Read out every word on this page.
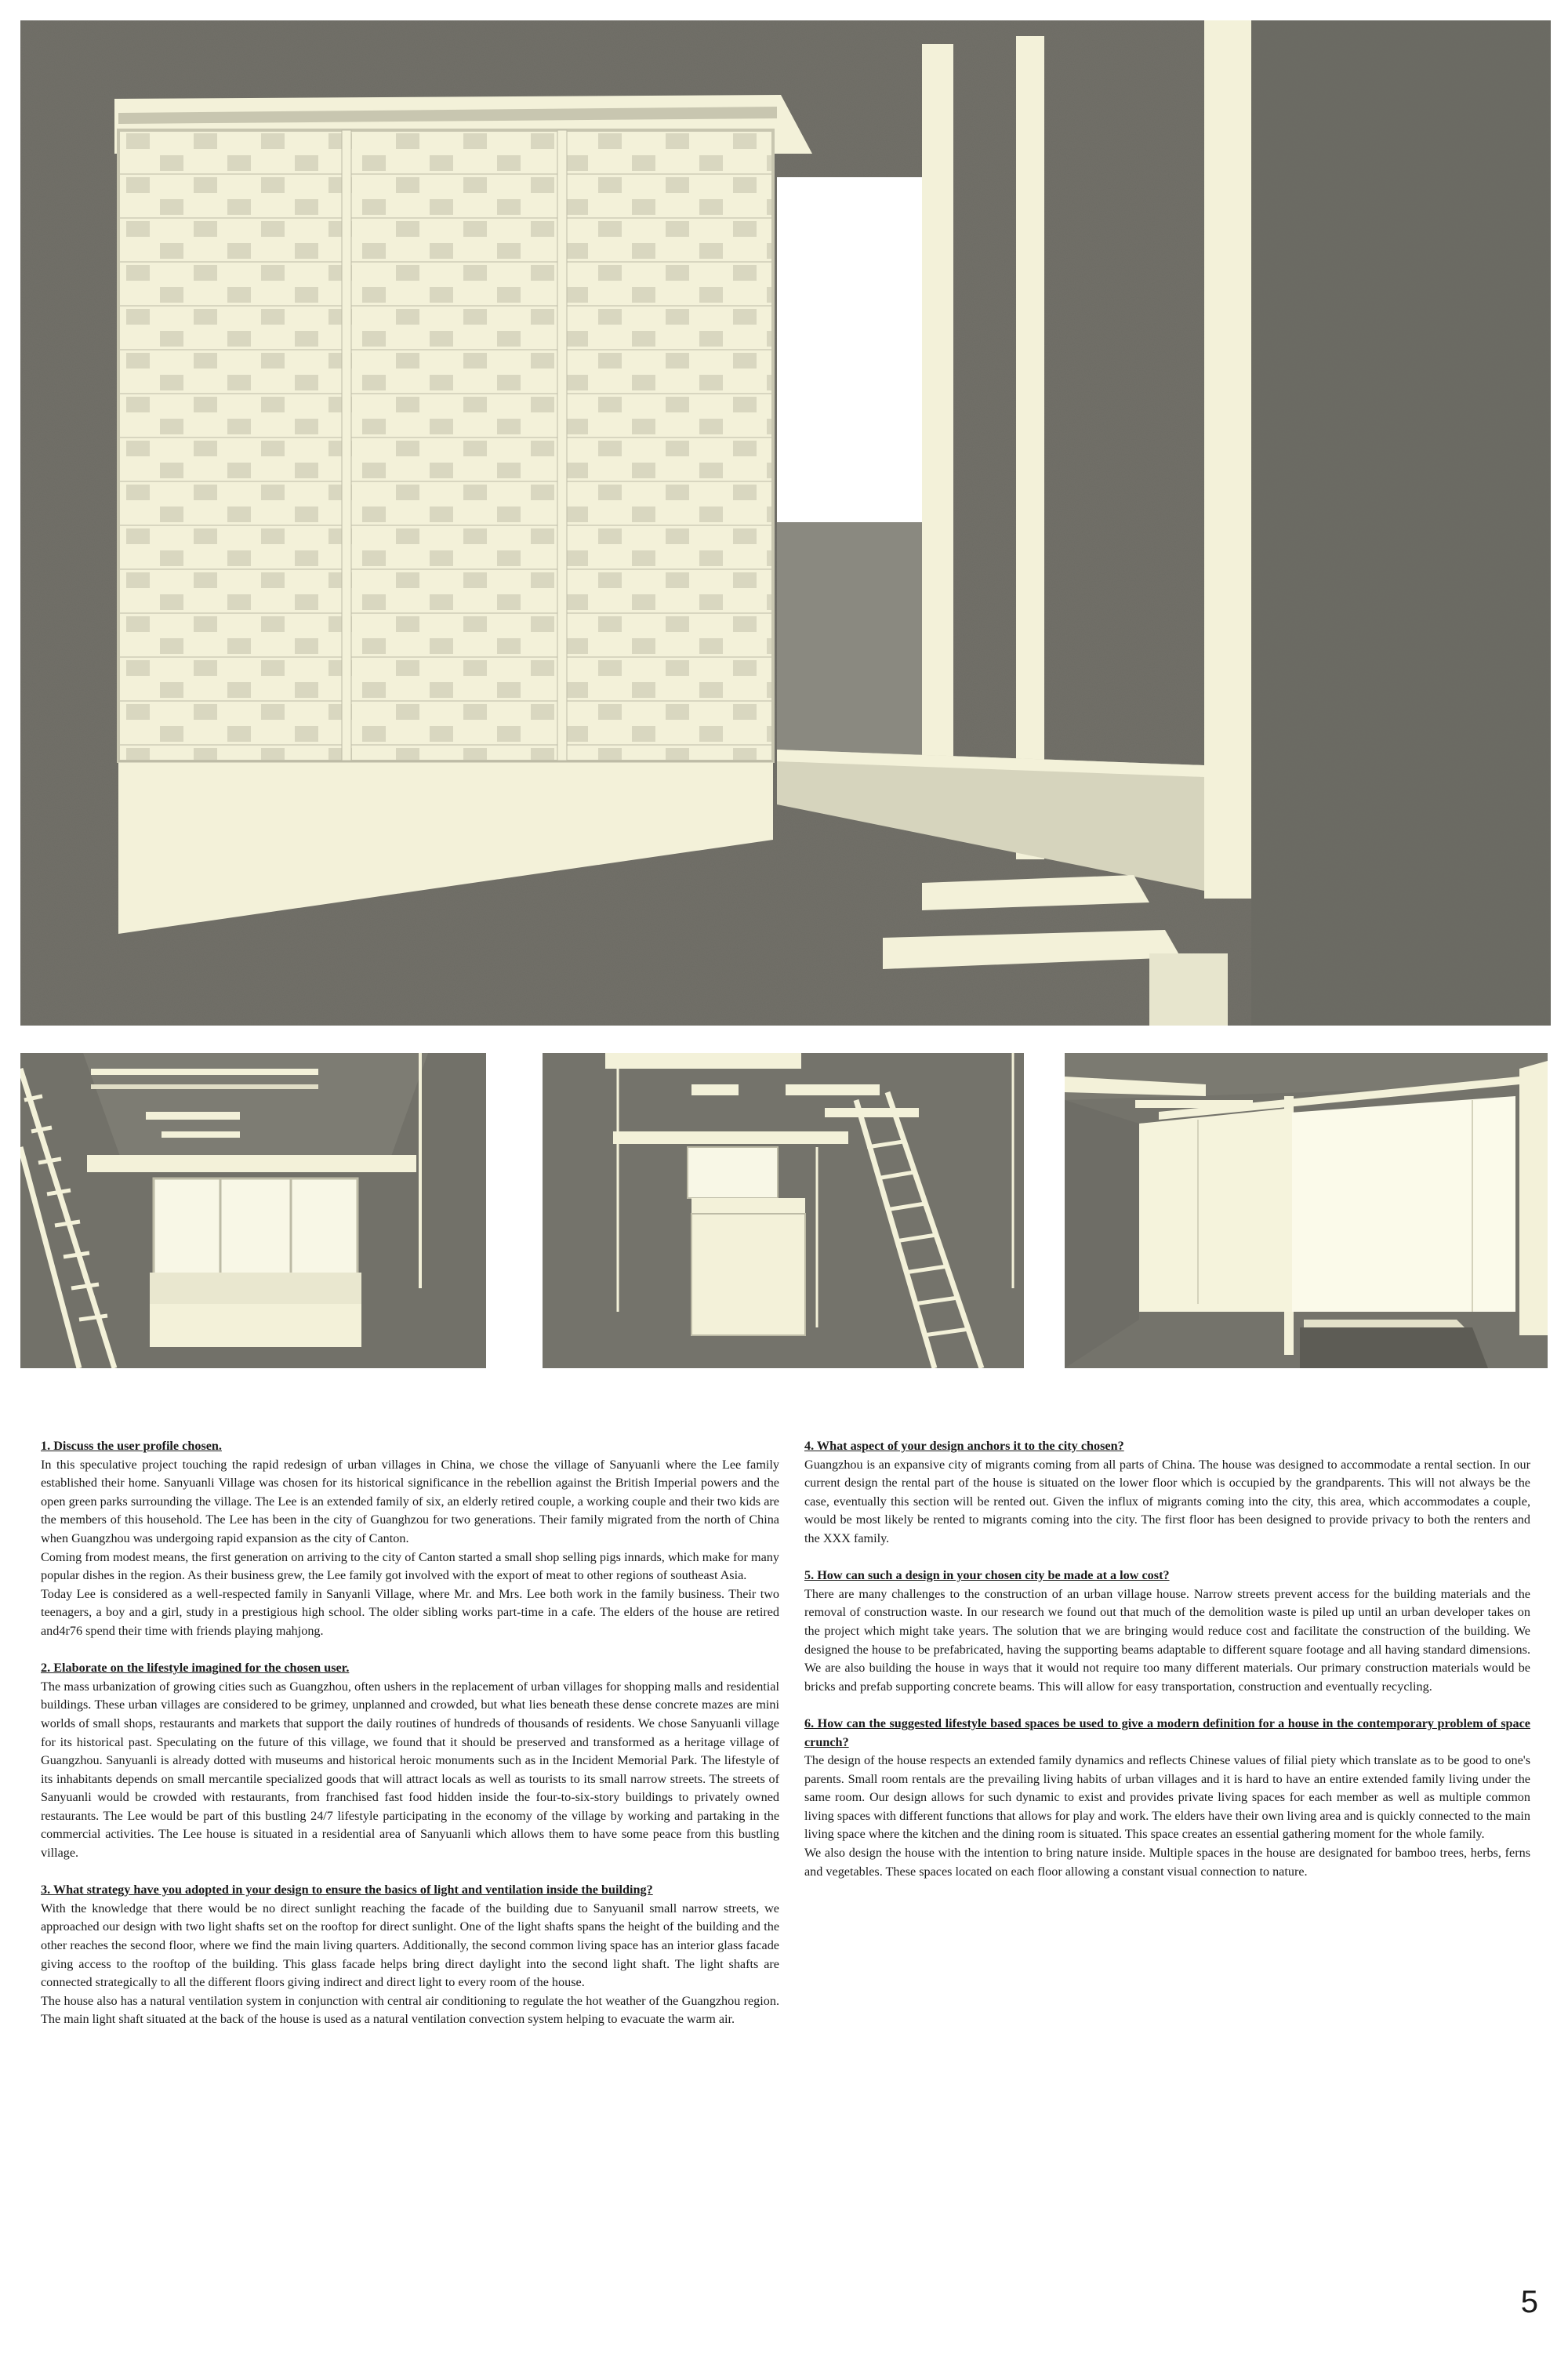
1. Discuss the user profile chosen.

In this speculative project touching the rapid redesign of urban villages in China, we chose the village of Sanyuanli where the Lee family established their home. Sanyuanli Village was chosen for its historical significance in the rebellion against the British Imperial powers and the open green parks surrounding the village. The Lee is an extended family of six, an elderly retired couple, a working couple and their two kids are the members of this household. The Lee has been in the city of Guanghzou for two generations. Their family migrated from the north of China when Guangzhou was undergoing rapid expansion as the city of Canton.

Coming from modest means, the first generation on arriving to the city of Canton started a small shop selling pigs innards, which make for many popular dishes in the region. As their business grew, the Lee family got involved with the export of meat to other regions of southeast Asia.

Today Lee is considered as a well-respected family in Sanyanli Village, where Mr. and Mrs. Lee both work in the family business. Their two teenagers, a boy and a girl, study in a prestigious high school. The older sibling works part-time in a cafe. The elders of the house are retired and4r76 spend their time with friends playing mahjong.

2. Elaborate on the lifestyle imagined for the chosen user.

The mass urbanization of growing cities such as Guangzhou, often ushers in the replacement of urban villages for shopping malls and residential buildings. These urban villages are considered to be grimey, unplanned and crowded, but what lies beneath these dense concrete mazes are mini worlds of small shops, restaurants and markets that support the daily routines of hundreds of thousands of residents. We chose Sanyuanli village for its historical past. Speculating on the future of this village, we found that it should be preserved and transformed as a heritage village of Guangzhou. Sanyuanli is already dotted with museums and historical heroic monuments such as in the Incident Memorial Park. The lifestyle of its inhabitants depends on small mercantile specialized goods that will attract locals as well as tourists to its small narrow streets. The streets of Sanyuanli would be crowded with restaurants, from franchised fast food hidden inside the four-to-six-story buildings to privately owned restaurants. The Lee would be part of this bustling 24/7 lifestyle participating in the economy of the village by working and partaking in the commercial activities. The Lee house is situated in a residential area of Sanyuanli which allows them to have some peace from this bustling village.

3. What strategy have you adopted in your design to ensure the basics of light and ventilation inside the building?

With the knowledge that there would be no direct sunlight reaching the facade of the building due to Sanyuanil small narrow streets, we approached our design with two light shafts set on the rooftop for direct sunlight. One of the light shafts spans the height of the building and the other reaches the second floor, where we find the main living quarters. Additionally, the second common living space has an interior glass facade giving access to the rooftop of the building. This glass facade helps bring direct daylight into the second light shaft. The light shafts are connected strategically to all the different floors giving indirect and direct light to every room of the house.

The house also has a natural ventilation system in conjunction with central air conditioning to regulate the hot weather of the Guangzhou region. The main light shaft situated at the back of the house is used as a natural ventilation convection system helping to evacuate the warm air.

4. What aspect of your design anchors it to the city chosen?

Guangzhou is an expansive city of migrants coming from all parts of China. The house was designed to accommodate a rental section. In our current design the rental part of the house is situated on the lower floor which is occupied by the grandparents. This will not always be the case, eventually this section will be rented out. Given the influx of migrants coming into the city, this area, which accommodates a couple, would be most likely be rented to migrants coming into the city. The first floor has been designed to provide privacy to both the renters and the XXX family.

5. How can such a design in your chosen city be made at a low cost?

There are many challenges to the construction of an urban village house. Narrow streets prevent access for the building materials and the removal of construction waste. In our research we found out that much of the demolition waste is piled up until an urban developer takes on the project which might take years. The solution that we are bringing would reduce cost and facilitate the construction of the building. We designed the house to be prefabricated, having the supporting beams adaptable to different square footage and all having standard dimensions. We are also building the house in ways that it would not require too many different materials. Our primary construction materials would be bricks and prefab supporting concrete beams. This will allow for easy transportation, construction and eventually recycling.

6. How can the suggested lifestyle based spaces be used to give a modern definition for a house in the contemporary problem of space crunch?

The design of the house respects an extended family dynamics and reflects Chinese values of filial piety which translate as to be good to one's parents. Small room rentals are the prevailing living habits of urban villages and it is hard to have an entire extended family living under the same room. Our design allows for such dynamic to exist and provides private living spaces for each member as well as multiple common living spaces with different functions that allows for play and work. The elders have their own living area and is quickly connected to the main living space where the kitchen and the dining room is situated. This space creates an essential gathering moment for the whole family.

We also design the house with the intention to bring nature inside. Multiple spaces in the house are designated for bamboo trees, herbs, ferns and vegetables. These spaces located on each floor allowing a constant visual connection to nature.

5
